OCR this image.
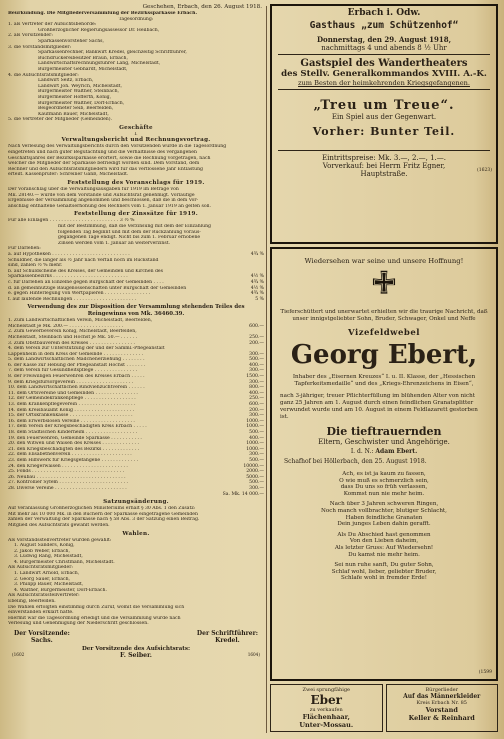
Geschehen, Erbach, den 26. August 1918.

Beurkundung. Die Mitgliederversammlung der Bezirkssparkasse Erbach.

Tagesordnung:

1. als Vertreter der Aufsichtsbehörde:

Großherzoglicher Regierungsassessor Dr. Heilbach,

2. als Vorsitzender:

Sparkassenvorsteher Sachs,

3. die Vorstandsmitglieder:

Sparkassenrechner, Bankwirt Kredel, gleichzeitig Schriftführer,

Buchdruckereibesitzer Braun, Erbach,

Landwirtschaftsrechnungsführer Lang, Michelstadt,

Bürgermeister Gebhardt, Michelstadt,

4. die Aufsichtsratsmitglieder:

Landwirt Seitz, Erbach,

Landwirt Joh. Weyrich, Michelstadt,

Bürgermeister Walther, Steinbach,

Bürgermeister Hofferth, König,

Bürgermeister Walther, Dorf-Erbach,

Beigeordneter Seib, Beerfelden,

Kaufmann Bauer, Michelstadt,

5. die Vertreter der Mitglieder (Gemeinden).

Geschäfte

I.

Verwaltungsbericht und Rechnungsvortrag.

Nach Verlesung des Verwaltungsberichts durch den Vorsitzenden wurde in die Tagesordnung

eingetreten und nach guter Begutachtung und die Verhältnisse des vergangenen

Geschäftsjahres der Bezirkssparkasse erörtert, sowie die Rechnung vorgetragen, nach

welcher die Mitglieder der Sparkasse befriedigt worden sind. Dem Vorstand, dem

Rechner und den Aufsichtsratsmitgliedern wird für das verflossene Jahr Entlastung

erteilt. Kassenprüfer: Schreiner Ganß, Michelstadt.

Feststellung des Voranschlags für 1919.

Der Voranschlag über die Verwaltungsausgaben für 1919 im Betrage von

Mk. 28140.— wurde von dem Vorstande und Aufsichtsrat genehmigt. Vorläufige

Ergebnisse der Versammlung angenommen und beschlossen, daß die in dem Vor-

anschlag enthaltene Gehaltserhöhung des Rechners vom 1. Januar 1919 an gelten soll.

Feststellung der Zinssätze für 1919.

Für alle Einlagen . . . . . . . . . . . . . . . . . . . . . . . . 3 ½ %

mit der Bestimmung, daß die Verzinsung mit dem der Einzahlung

folgenden Tag beginnt und mit dem der Rückzahlung voraus-

gegangenen Tage endigt. Nicht bis zum 1. Februar erhobene

Zinsen werden vom 1. Januar an weiterverzinst.

Für Darlehen:
a. auf Hypotheken . . . . . . . . . . . . . . . . . . . . . . . . . . .	4¾ %
Schuldner, die länger als ½ Jahr nach Verfall noch im Rückstand
sind, zahlen ½ % mehr.
b. auf Schuldscheine des Kreises, der Gemeinden und Kirchen des
Sparkassenbezirks . . . . . . . . . . . . . . . . . . . . . . . . . .	4½ %
c. für Darlehen an Einzelne gegen Bürgschaft der Gemeinden . . . .	4¾ %
d. an gemeinnützige Baugenossenschaften unter Bürgschaft der Gemeinden	4½ %
e. gegen Hinterlegung von Wertpapieren . . . . . . . . . . . . . . . .	4¾ %
f. auf laufende Rechnungen . . . . . . . . . . . . . . . . . . . . . .	5 %

Verwendung des zur Disposition der Versammlung stehenden Teiles des Reingewinns von Mk. 36460.39.

1. Zum Landwirtschaftlichen Verein, Michelstadt, Beerfelden,
Michelstadt je Mk. 200.— . . . . . . . . . . . . . . . . . . .	600.—
2. Zum Gewerbeverein König, Michelstadt, Beerfelden,
Michelstadt, Steinbach und Höchst je Mk. 50.— . . . . . .	250.—
3. Zum Obstbauverein des Kreises . . . . . . . . . . . . . . . .	200.—
4. dem Verein zur Unterstützung der und der Samml.-Pflegeanstalt
Lappenheim in dem Kreis der Gemeinde . . . . . . . . . . . . . .	300.—
5. dem Landwirtschaftlichen Mädchenerziehung . . . . . . . .	500.—
6. der Kasse zur Hebung der Pflegeanstalt Höchst . . . . . . .	400.—
7. dem Verein für Gesundheitspflege . . . . . . . . . . . . . . .	300.—
8. der Freiwilligen Feuerwehren des Kreises Erbach . . . . .	1500.—
9. dem Kriegsfürsorgeverein . . . . . . . . . . . . . . . . . . . .	300.—
10. dem Landwirtschaftlichen Rindviehzuchtverein . . . . . .	800.—
11. dem Ortsvereine und Gemeinden . . . . . . . . . . . . . . .	400.—
12. der Gemeindekrankenpflege . . . . . . . . . . . . . . . . . .	250.—
13. dem Krankenpflegeverein . . . . . . . . . . . . . . . . . . . .	600.—
14. dem Kreisbauamt König . . . . . . . . . . . . . . . . . . . . .	200.—
15. der Ortskrankenkasse . . . . . . . . . . . . . . . . . . . . . .	300.—
16. dem Erwerbslosen Vereine . . . . . . . . . . . . . . . . . . .	1000.—
17. dem Verein der Kriegsbeschädigten Kreis Erbach . . . . .	1000.—
18. dem Städtischen Kinderheim . . . . . . . . . . . . . . . . . .	500.—
19. den Feuerwehren, Gemeinde Sparkasse . . . . . . . . . . .	400.—
20. den Witwen und Waisen des Kreises . . . . . . . . . . . . .	1000.—
21. den Kriegsbeschädigten des Bezirks . . . . . . . . . . . . .	1000.—
22. dem Elisabethenverein . . . . . . . . . . . . . . . . . . . . .	300.—
23. dem Hilfswerk für Kriegsgefangene . . . . . . . . . . . . .	500.—
24. den Kriegerwaisen . . . . . . . . . . . . . . . . . . . . . . .	10000.—
25. Fonds . . . . . . . . . . . . . . . . . . . . . . . . . . . . . . . .	2000.—
26. Neubau . . . . . . . . . . . . . . . . . . . . . . . . . . . . . . .	5000.—
27. Kontrollier Syfem . . . . . . . . . . . . . . . . . . . . . . . .	500.—
28. Diverse Vereine . . . . . . . . . . . . . . . . . . . . . . . . .	300.—
Sa. Mk. 14 000.—

Satzungsänderung.

Auf Veranlassung Großherzoglichen Ministeriums erhält § 30 Abs. 1 den Zusatz:

Mit mehr als 10 000 Mk. in den Büchern der Sparkasse eingetragene Gemeinden

zahlen der Verwaltung der Sparkasse nach § 58 Abs. 3 der Satzung einen Beitrag.

Mitglied des Aufsichtsrats gewählt werden.

Wahlen.

Als Vorstandsstellvertreter wurden gewählt:

1. August Sanders, König,

2. Jakob Weber, Erbach,

3. Ludwig Rang, Michelstadt,

4. Bürgermeister Christmann, Michelstadt.

Als Aufsichtsratsmitglieder:

1. Landwirt Arnold, Erbach,

2. Georg Sauer, Erbach,

3. Philipp Bauer, Michelstadt,

4. Walther, Bürgermeister, Dorf-Erbach.

Als Aufsichtsratsstellvertreter:

Ebeling, Beerfelden.

Die Wahlen erfolgten einstimmig durch Zuruf, womit die Versammlung sich

einverstanden erklärt hatte.

Hiermit war die Tagesordnung erledigt und die Versammlung wurde nach

Verlesung und Genehmigung der Niederschrift geschlossen.

Der Vorsitzende:
Sachs.
Der Schriftführer:
Kredel.
Der Vorsitzende des Aufsichtsrats:
(1602	F. Seiber.	1604)
Erbach i. Odw.
Gasthaus „zum Schützenhof“
Donnerstag, den 29. August 1918,
nachmittags 4 und abends 8 ½ Uhr
Gastspiel des Wandertheaters
des Stellv. Generalkommandos XVIII. A.-K.
zum Besten der heimkehrenden Kriegsgefangenen.
„Treu um Treue“.
Ein Spiel aus der Gegenwart.
Vorher: Bunter Teil.
(1623)
Eintrittspreise: Mk. 3.—, 2.—, 1.—.
Vorverkauf: bei Herrn Fritz Egner,
Hauptstraße.
Wiedersehen war seine und unsere Hoffnung!
Tieferschüttert und unerwartet erhielten wir die traurige Nachricht, daß unser innigstgeliebter Sohn, Bruder, Schwager, Onkel und Neffe
Vizefeldwebel
Georg Ebert,
Inhaber des „Eisernen Kreuzes“ I. u. II. Klasse, der „Hessischen Tapferkeitsmedaille“ und des „Kriegs-Ehrenzeichens in Eisen“,
nach 3-jähriger, treuer Pflichterfüllung im blühenden Alter von nicht ganz 25 Jahren am 1. August durch einen feindlichen Granatsplitter verwundet wurde und am 10. August in einem Feldlazarett gestorben ist.
Die tieftrauernden
Eltern, Geschwister und Angehörige.
I. d. N.: Adam Ebert.
Schafhof bei Höllerbach, den 25. August 1918.

Ach, es ist ja kaum zu fassen,
O wie muß es schmerzlich sein,
dass Du uns so früh verlassen,
Kommst nun nie mehr heim.

Nach über 3 Jahren schweren Ringen,
Noch manch vollbrachter, blutiger Schlacht,
Haben feindliche Granaten
Dein junges Leben dahin gerafft.

Als Du Abschied hast genommen
Von den Lieben daheim,
Als letzter Gruss: Auf Wiedersehn!
Du kamst nie mehr heim.

Sei nun ruhe sanft, Du guter Sohn,
Schlaf wohl, lieber, geliebter Bruder,
Schlafe wohl in fremder Erde!

(1599
Zwei sprungfähige
Eber
zu verkaufen
Flächenhaar,
Unter-Mossau.
Bürgerlieder
Auf das Männerkleider
Kreis Erbach Nr. 85
Vorstand
Keller & Reinhard
